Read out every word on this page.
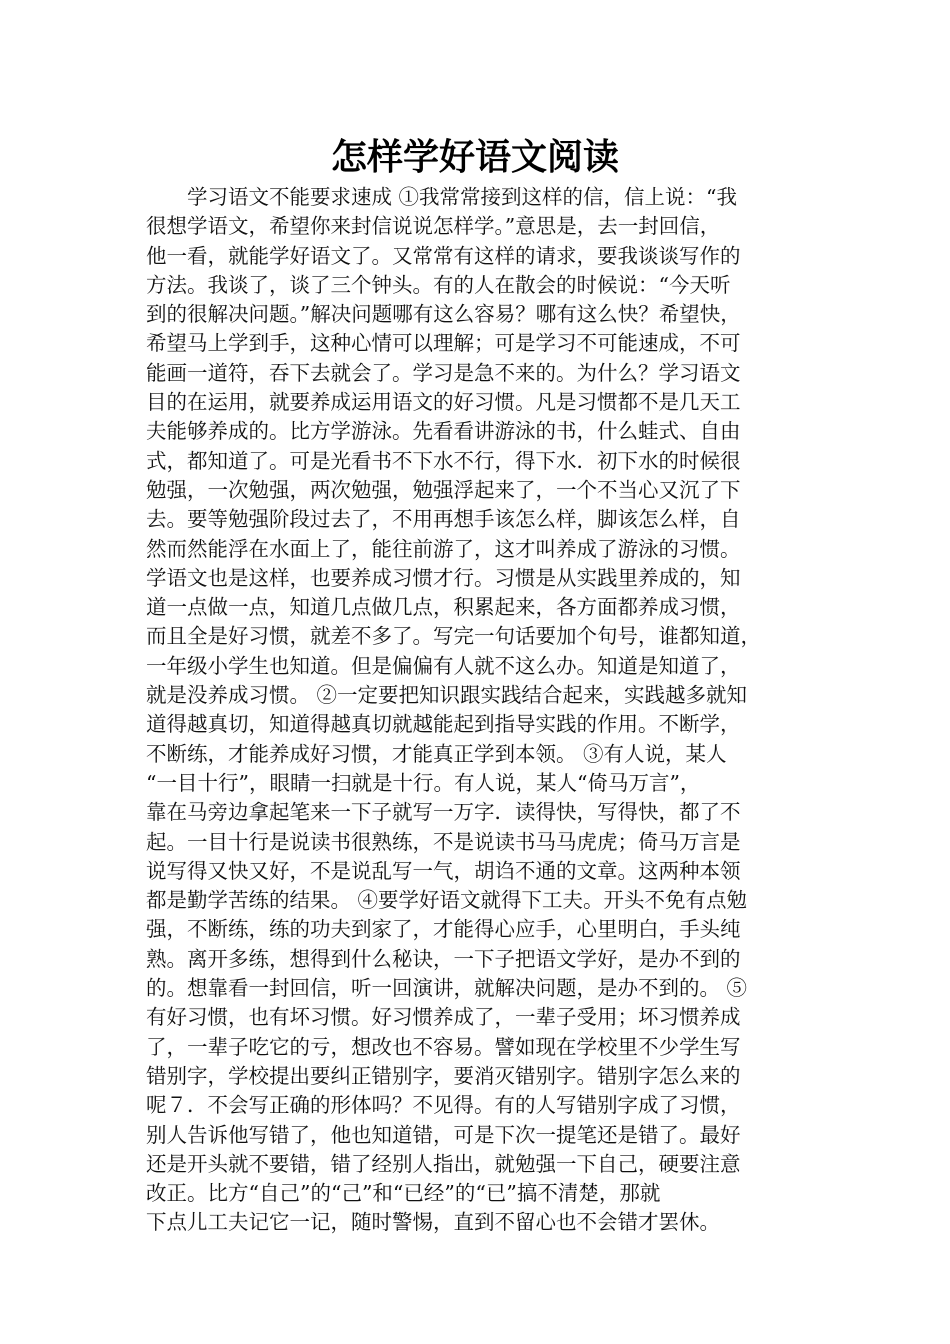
怎样学好语文阅读
　　学习语文不能要求速成 ①我常常接到这样的信，信上说：“我
很想学语文，希望你来封信说说怎样学。”意思是，去一封回信，
他一看，就能学好语文了。又常常有这样的请求，要我谈谈写作的
方法。我谈了，谈了三个钟头。有的人在散会的时候说：“今天听
到的很解决问题。”解决问题哪有这么容易？哪有这么快？希望快，
希望马上学到手，这种心情可以理解；可是学习不可能速成，不可
能画一道符，吞下去就会了。学习是急不来的。为什么？学习语文
目的在运用，就要养成运用语文的好习惯。凡是习惯都不是几天工
夫能够养成的。比方学游泳。先看看讲游泳的书，什么蛙式、自由
式，都知道了。可是光看书不下水不行，得下水．初下水的时候很
勉强，一次勉强，两次勉强，勉强浮起来了，一个不当心又沉了下
去。要等勉强阶段过去了，不用再想手该怎么样，脚该怎么样，自
然而然能浮在水面上了，能往前游了，这才叫养成了游泳的习惯。
学语文也是这样，也要养成习惯才行。习惯是从实践里养成的，知
道一点做一点，知道几点做几点，积累起来，各方面都养成习惯，
而且全是好习惯，就差不多了。写完一句话要加个句号，谁都知道，
一年级小学生也知道。但是偏偏有人就不这么办。知道是知道了，
就是没养成习惯。 ②一定要把知识跟实践结合起来，实践越多就知
道得越真切，知道得越真切就越能起到指导实践的作用。不断学，
不断练，才能养成好习惯，才能真正学到本领。 ③有人说，某人
“一目十行”，眼睛一扫就是十行。有人说，某人“倚马万言”，
靠在马旁边拿起笔来一下子就写一万字．读得快，写得快，都了不
起。一目十行是说读书很熟练，不是说读书马马虎虎；倚马万言是
说写得又快又好，不是说乱写一气，胡诌不通的文章。这两种本领
都是勤学苦练的结果。 ④要学好语文就得下工夫。开头不免有点勉
强，不断练，练的功夫到家了，才能得心应手，心里明白，手头纯
熟。离开多练，想得到什么秘诀，一下子把语文学好，是办不到的
的。想靠看一封回信，听一回演讲，就解决问题，是办不到的。 ⑤
有好习惯，也有坏习惯。好习惯养成了，一辈子受用；坏习惯养成
了，一辈子吃它的亏，想改也不容易。譬如现在学校里不少学生写
错别字，学校提出要纠正错别字，要消灭错别字。错别字怎么来的
呢７．不会写正确的形体吗？不见得。有的人写错别字成了习惯，
别人告诉他写错了，他也知道错，可是下次一提笔还是错了。最好
还是开头就不要错，错了经别人指出，就勉强一下自己，硬要注意
改正。比方“自己”的“己”和“已经”的“已”搞不清楚，那就
下点儿工夫记它一记，随时警惕，直到不留心也不会错才罢休。
